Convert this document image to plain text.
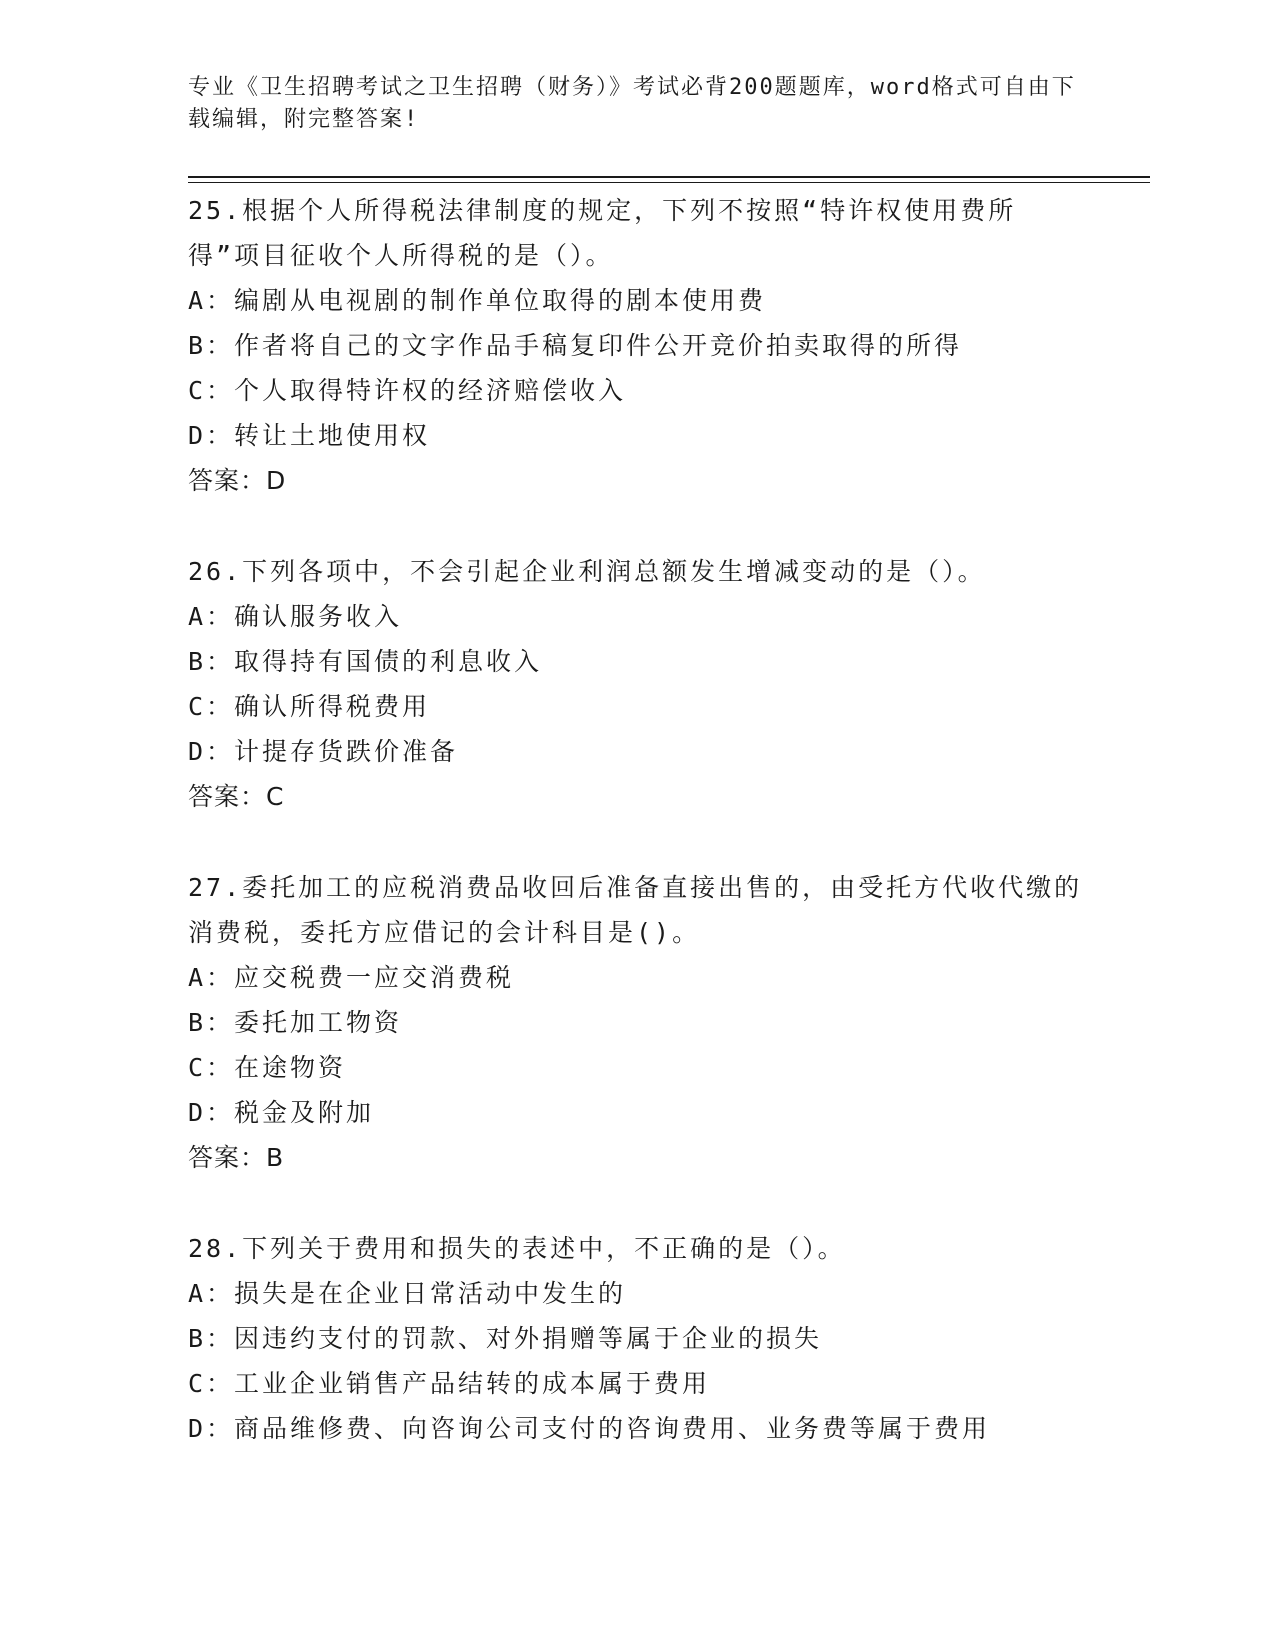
专业《卫生招聘考试之卫生招聘（财务）》考试必背200题题库，word格式可自由下载编辑，附完整答案!

25.根据个人所得税法律制度的规定，下列不按照“特许权使用费所得”项目征收个人所得税的是（）。

A：编剧从电视剧的制作单位取得的剧本使用费

B：作者将自己的文字作品手稿复印件公开竞价拍卖取得的所得

C：个人取得特许权的经济赔偿收入

D：转让土地使用权

答案：D

26.下列各项中，不会引起企业利润总额发生增减变动的是（）。

A：确认服务收入

B：取得持有国债的利息收入

C：确认所得税费用

D：计提存货跌价准备

答案：C

27.委托加工的应税消费品收回后准备直接出售的，由受托方代收代缴的消费税，委托方应借记的会计科目是()。

A：应交税费一应交消费税

B：委托加工物资

C：在途物资

D：税金及附加

答案：B

28.下列关于费用和损失的表述中，不正确的是（）。

A：损失是在企业日常活动中发生的

B：因违约支付的罚款、对外捐赠等属于企业的损失

C：工业企业销售产品结转的成本属于费用

D：商品维修费、向咨询公司支付的咨询费用、业务费等属于费用
